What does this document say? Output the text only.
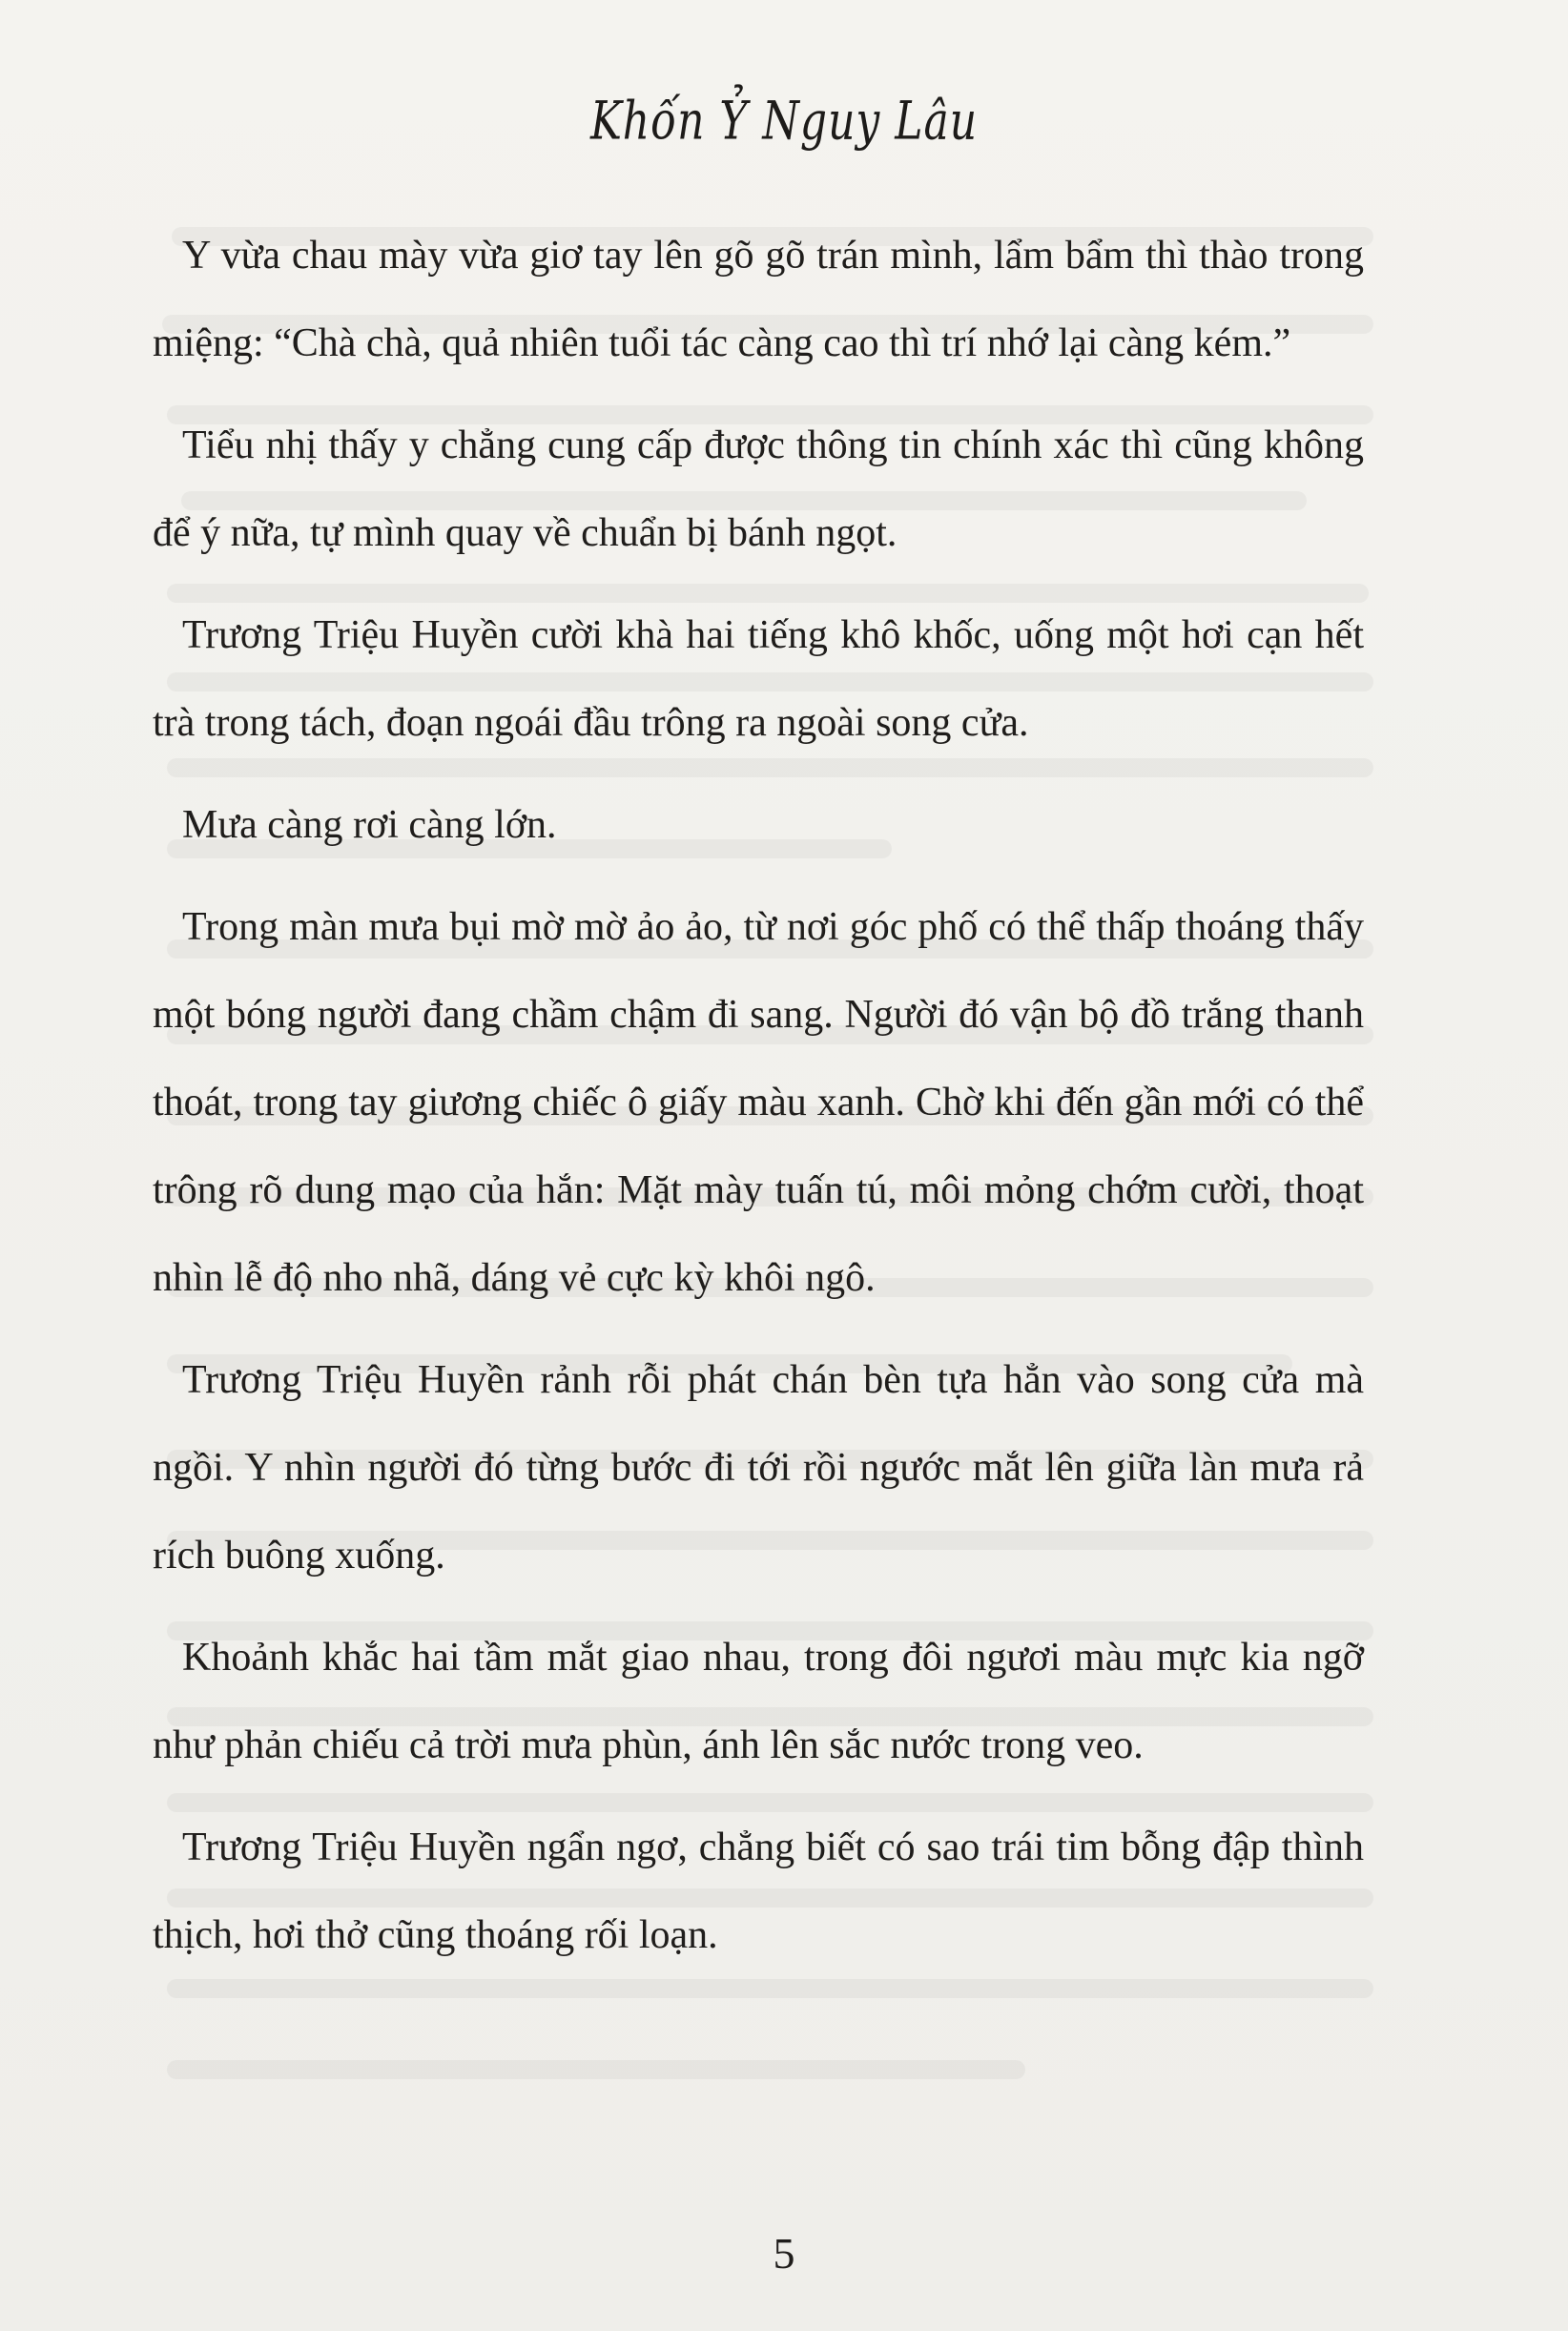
Khốn Ỷ Nguy Lâu

Y vừa chau mày vừa giơ tay lên gõ gõ trán mình, lẩm bẩm thì thào trong miệng: “Chà chà, quả nhiên tuổi tác càng cao thì trí nhớ lại càng kém.”

Tiểu nhị thấy y chẳng cung cấp được thông tin chính xác thì cũng không để ý nữa, tự mình quay về chuẩn bị bánh ngọt.

Trương Triệu Huyền cười khà hai tiếng khô khốc, uống một hơi cạn hết trà trong tách, đoạn ngoái đầu trông ra ngoài song cửa.

Mưa càng rơi càng lớn.

Trong màn mưa bụi mờ mờ ảo ảo, từ nơi góc phố có thể thấp thoáng thấy một bóng người đang chầm chậm đi sang. Người đó vận bộ đồ trắng thanh thoát, trong tay giương chiếc ô giấy màu xanh. Chờ khi đến gần mới có thể trông rõ dung mạo của hắn: Mặt mày tuấn tú, môi mỏng chớm cười, thoạt nhìn lễ độ nho nhã, dáng vẻ cực kỳ khôi ngô.

Trương Triệu Huyền rảnh rỗi phát chán bèn tựa hẳn vào song cửa mà ngồi. Y nhìn người đó từng bước đi tới rồi ngước mắt lên giữa làn mưa rả rích buông xuống.

Khoảnh khắc hai tầm mắt giao nhau, trong đôi ngươi màu mực kia ngỡ như phản chiếu cả trời mưa phùn, ánh lên sắc nước trong veo.

Trương Triệu Huyền ngẩn ngơ, chẳng biết có sao trái tim bỗng đập thình thịch, hơi thở cũng thoáng rối loạn.

5
